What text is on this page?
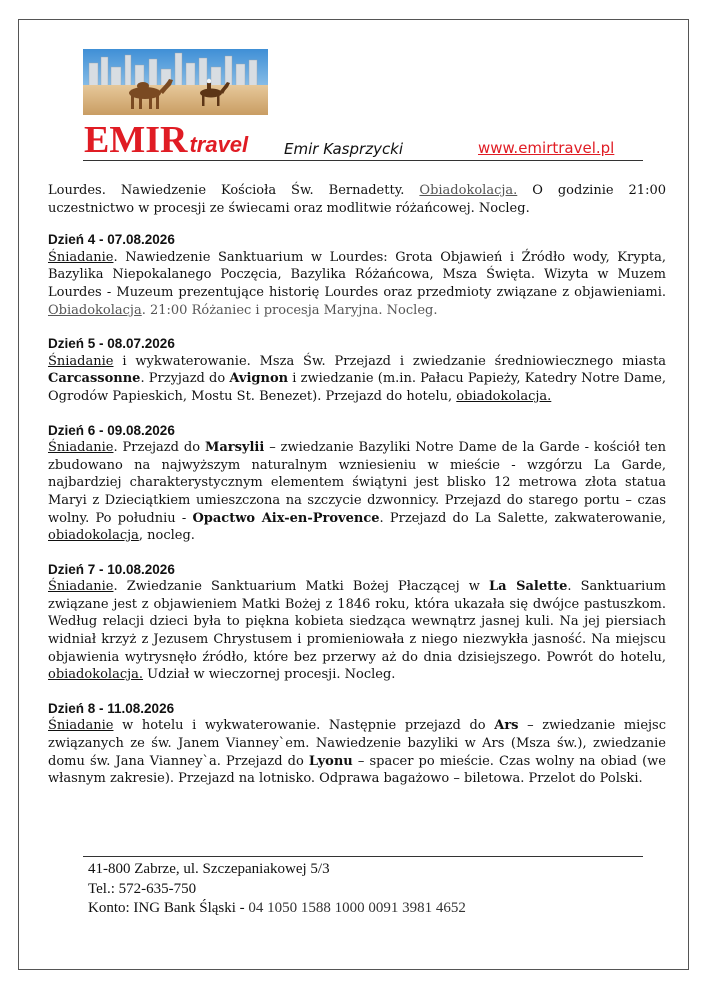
EMIRtravel	Emir Kasprzycki	www.emirtravel.pl

Lourdes. Nawiedzenie Kościoła Św. Bernadetty. Obiadokolacja. O godzinie 21:00 uczestnictwo w procesji ze świecami oraz modlitwie różańcowej. Nocleg.

Dzień 4 - 07.08.2026

Śniadanie. Nawiedzenie Sanktuarium w Lourdes: Grota Objawień i Źródło wody, Krypta, Bazylika Niepokalanego Poczęcia, Bazylika Różańcowa, Msza Święta. Wizyta w Muzem Lourdes - Muzeum prezentujące historię Lourdes oraz przedmioty związane z objawieniami. Obiadokolacja. 21:00 Różaniec i procesja Maryjna. Nocleg.

Dzień 5 - 08.07.2026

Śniadanie i wykwaterowanie. Msza Św. Przejazd i zwiedzanie średniowiecznego miasta Carcassonne. Przyjazd do Avignon i zwiedzanie (m.in. Pałacu Papieży, Katedry Notre Dame, Ogrodów Papieskich, Mostu St. Benezet). Przejazd do hotelu, obiadokolacja.

Dzień 6 - 09.08.2026

Śniadanie. Przejazd do Marsylii – zwiedzanie Bazyliki Notre Dame de la Garde - kościół ten zbudowano na najwyższym naturalnym wzniesieniu w mieście - wzgórzu La Garde, najbardziej charakterystycznym elementem świątyni jest blisko 12 metrowa złota statua Maryi z Dzieciątkiem umieszczona na szczycie dzwonnicy. Przejazd do starego portu – czas wolny. Po południu - Opactwo Aix-en-Provence. Przejazd do La Salette, zakwaterowanie, obiadokolacja, nocleg.

Dzień 7 - 10.08.2026

Śniadanie. Zwiedzanie Sanktuarium Matki Bożej Płaczącej w La Salette. Sanktuarium związane jest z objawieniem Matki Bożej z 1846 roku, która ukazała się dwójce pastuszkom. Według relacji dzieci była to piękna kobieta siedząca wewnątrz jasnej kuli. Na jej piersiach widniał krzyż z Jezusem Chrystusem i promieniowała z niego niezwykła jasność. Na miejscu objawienia wytrysnęło źródło, które bez przerwy aż do dnia dzisiejszego. Powrót do hotelu, obiadokolacja. Udział w wieczornej procesji. Nocleg.

Dzień 8 - 11.08.2026

Śniadanie w hotelu i wykwaterowanie. Następnie przejazd do Ars – zwiedzanie miejsc związanych ze św. Janem Vianney`em. Nawiedzenie bazyliki w Ars (Msza św.), zwiedzanie domu św. Jana Vianney`a. Przejazd do Lyonu – spacer po mieście. Czas wolny na obiad (we własnym zakresie). Przejazd na lotnisko. Odprawa bagażowo – biletowa. Przelot do Polski.

41-800 Zabrze, ul. Szczepaniakowej 5/3
Tel.: 572-635-750
Konto: ING Bank Śląski - 04 1050 1588 1000 0091 3981 4652
